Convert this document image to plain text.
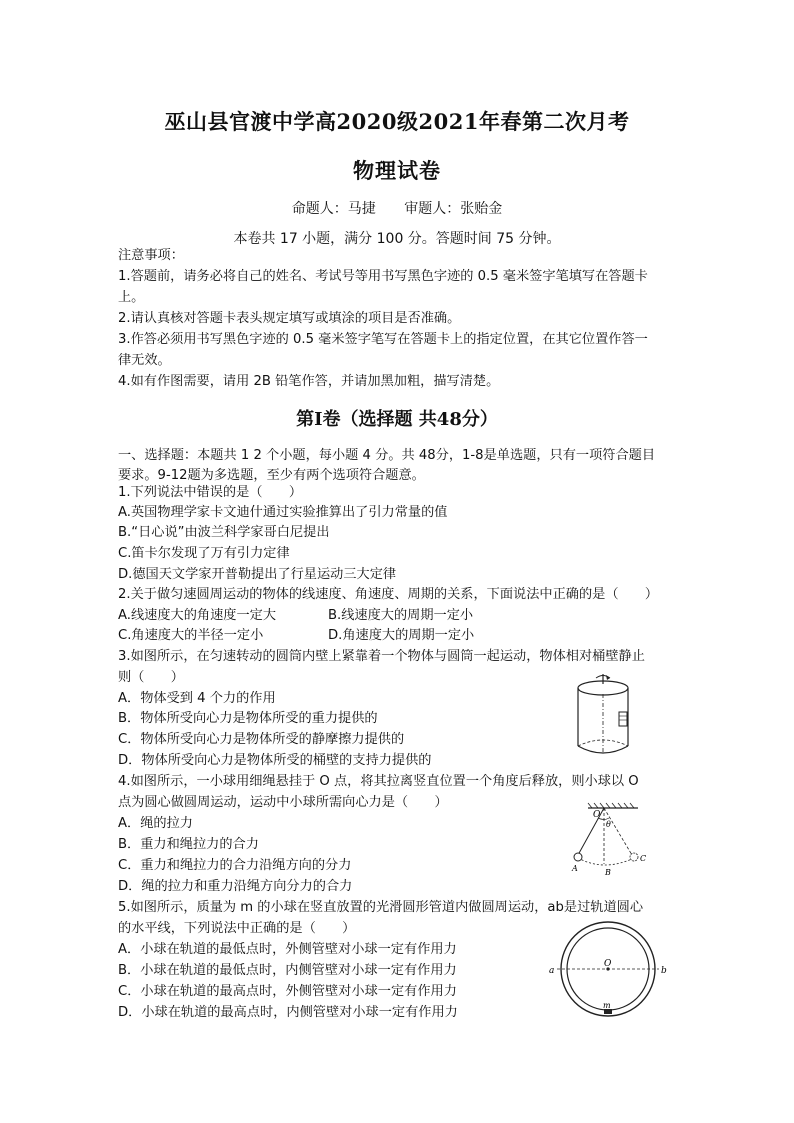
巫山县官渡中学高2020级2021年春第二次月考
物理试卷
命题人：马捷 审题人：张贻金
本卷共 17 小题，满分 100 分。答题时间 75 分钟。
注意事项：
1.答题前，请务必将自己的姓名、考试号等用书写黑色字迹的 0.5 毫米签字笔填写在答题卡
上。
2.请认真核对答题卡表头规定填写或填涂的项目是否准确。
3.作答必须用书写黑色字迹的 0.5 毫米签字笔写在答题卡上的指定位置，在其它位置作答一
律无效。
4.如有作图需要，请用 2B 铅笔作答，并请加黑加粗，描写清楚。
第Ⅰ卷（选择题 共48分）
一、选择题：本题共 1 2 个小题，每小题 4 分。共 48分，1-8是单选题，只有一项符合题目
要求。9-12题为多选题，至少有两个选项符合题意。
1.下列说法中错误的是（　　）
A.英国物理学家卡文迪什通过实验推算出了引力常量的值
B.“日心说”由波兰科学家哥白尼提出
C.笛卡尔发现了万有引力定律
D.德国天文学家开普勒提出了行星运动三大定律
2.关于做匀速圆周运动的物体的线速度、角速度、周期的关系，下面说法中正确的是（　　）
A.线速度大的角速度一定大	B.线速度大的周期一定小
C.角速度大的半径一定小	D.角速度大的周期一定小
3.如图所示，在匀速转动的圆筒内壁上紧靠着一个物体与圆筒一起运动，物体相对桶壁静止
则（　　）
A．物体受到 4 个力的作用
B．物体所受向心力是物体所受的重力提供的
C．物体所受向心力是物体所受的静摩擦力提供的
D．物体所受向心力是物体所受的桶壁的支持力提供的
4.如图所示，一小球用细绳悬挂于 O 点，将其拉离竖直位置一个角度后释放，则小球以 O
点为圆心做圆周运动，运动中小球所需向心力是（　　）
A．绳的拉力
B．重力和绳拉力的合力
C．重力和绳拉力的合力沿绳方向的分力
D．绳的拉力和重力沿绳方向分力的合力
O
θ
A	B
C
5.如图所示，质量为 m 的小球在竖直放置的光滑圆形管道内做圆周运动，ab是过轨道圆心
的水平线，下列说法中正确的是（　　）
A．小球在轨道的最低点时，外侧管壁对小球一定有作用力
B．小球在轨道的最低点时，内侧管壁对小球一定有作用力
C．小球在轨道的最高点时，外侧管壁对小球一定有作用力
D．小球在轨道的最高点时，内侧管壁对小球一定有作用力
a
O
b
m
